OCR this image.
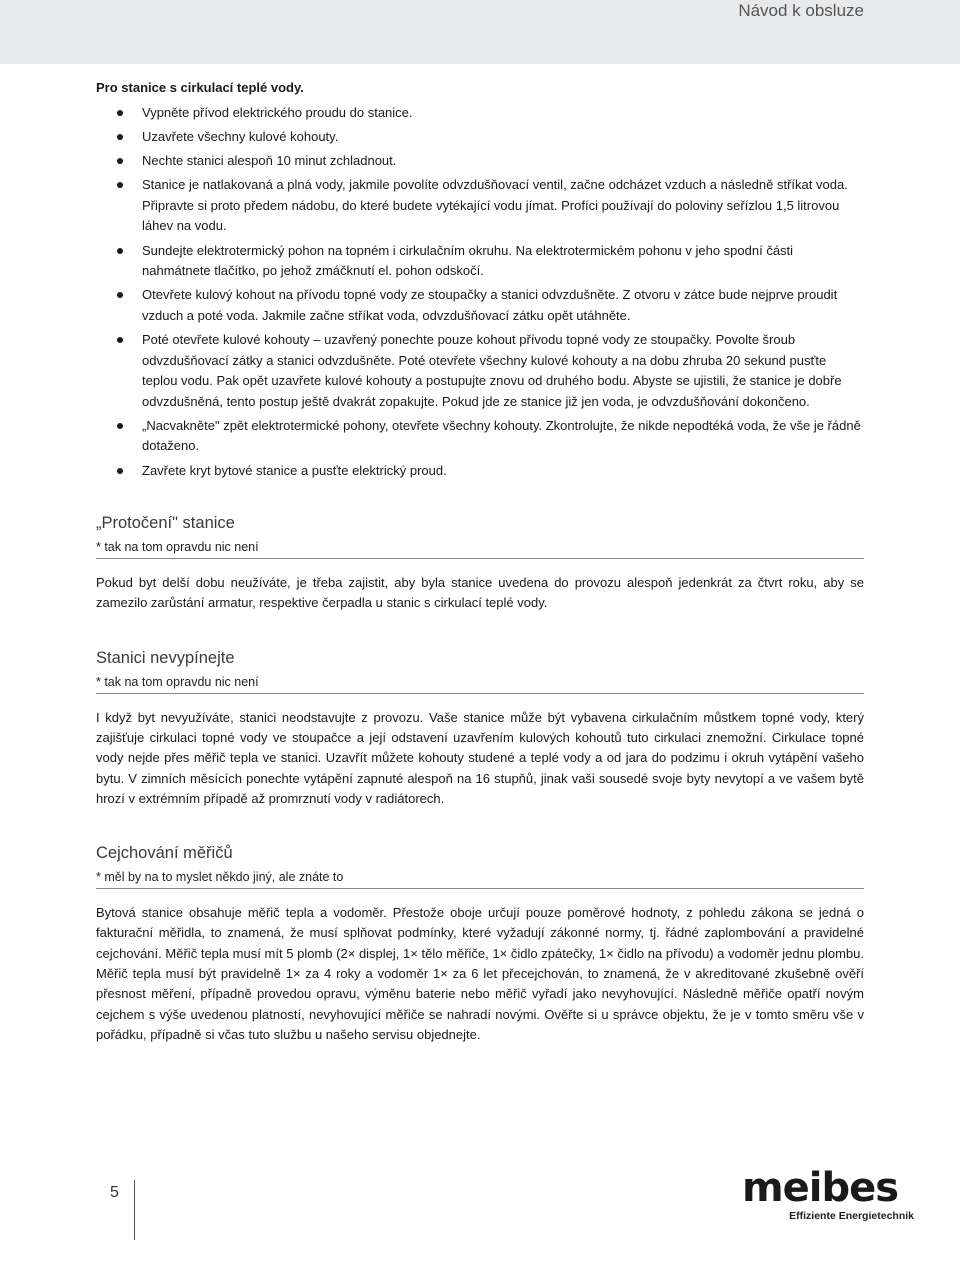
Návod k obsluze
Pro stanice s cirkulací teplé vody.
Vypněte přívod elektrického proudu do stanice.
Uzavřete všechny kulové kohouty.
Nechte stanici alespoň 10 minut zchladnout.
Stanice je natlakovaná a plná vody, jakmile povolíte odvzdušňovací ventil, začne odcházet vzduch a následně stříkat voda. Připravte si proto předem nádobu, do které budete vytékající vodu jímat. Profíci používají do poloviny seřízlou 1,5 litrovou láhev na vodu.
Sundejte elektrotermický pohon na topném i cirkulačním okruhu. Na elektrotermickém pohonu v jeho spodní části nahmátnete tlačítko, po jehož zmáčknutí el. pohon odskočí.
Otevřete kulový kohout na přívodu topné vody ze stoupačky a stanici odvzdušněte. Z otvoru v zátce bude nejprve proudit vzduch a poté voda. Jakmile začne stříkat voda, odvzdušňovací zátku opět utáhněte.
Poté otevřete kulové kohouty – uzavřený ponechte pouze kohout přívodu topné vody ze stoupačky. Povolte šroub odvzdušňovací zátky a stanici odvzdušněte. Poté otevřete všechny kulové kohouty a na dobu zhruba 20 sekund pusťte teplou vodu. Pak opět uzavřete kulové kohouty a postupujte znovu od druhého bodu. Abyste se ujistili, že stanice je dobře odvzdušněná, tento postup ještě dvakrát zopakujte. Pokud jde ze stanice již jen voda, je odvzdušňování dokončeno.
„Nacvakněte" zpět elektrotermické pohony, otevřete všechny kohouty. Zkontrolujte, že nikde nepodtéká voda, že vše je řádně dotaženo.
Zavřete kryt bytové stanice a pusťte elektrický proud.
„Protočení" stanice
* tak na tom opravdu nic není

Pokud byt delší dobu neužíváte, je třeba zajistit, aby byla stanice uvedena do provozu alespoň jedenkrát za čtvrt roku, aby se zamezilo zarůstání armatur, respektive čerpadla u stanic s cirkulací teplé vody.

Stanici nevypínejte
* tak na tom opravdu nic není

I když byt nevyužíváte, stanici neodstavujte z provozu. Vaše stanice může být vybavena cirkulačním můstkem topné vody, který zajišťuje cirkulaci topné vody ve stoupačce a její odstavení uzavřením kulových kohoutů tuto cirkulaci znemožní. Cirkulace topné vody nejde přes měřič tepla ve stanici. Uzavřít můžete kohouty studené a teplé vody a od jara do podzimu i okruh vytápění vašeho bytu. V zimních měsících ponechte vytápění zapnuté alespoň na 16 stupňů, jinak vaši sousedé svoje byty nevytopí a ve vašem bytě hrozí v extrémním případě až promrznutí vody v radiátorech.

Cejchování měřičů
* měl by na to myslet někdo jiný, ale znáte to

Bytová stanice obsahuje měřič tepla a vodoměr. Přestože oboje určují pouze poměrové hodnoty, z pohledu zákona se jedná o fakturační měřidla, to znamená, že musí splňovat podmínky, které vyžadují zákonné normy, tj. řádné zaplombování a pravidelné cejchování. Měřič tepla musí mít 5 plomb (2× displej, 1× tělo měřiče, 1× čidlo zpátečky, 1× čidlo na přívodu) a vodoměr jednu plombu. Měřič tepla musí být pravidelně 1× za 4 roky a vodoměr 1× za 6 let přecejchován, to znamená, že v akreditované zkušebně ověří přesnost měření, případně provedou opravu, výměnu baterie nebo měřič vyřadí jako nevyhovující. Následně měřiče opatří novým cejchem s výše uvedenou platností, nevyhovující měřiče se nahradí novými. Ověřte si u správce objektu, že je v tomto směru vše v pořádku, případně si včas tuto službu u našeho servisu objednejte.

5	meibes
Effiziente Energietechnik
